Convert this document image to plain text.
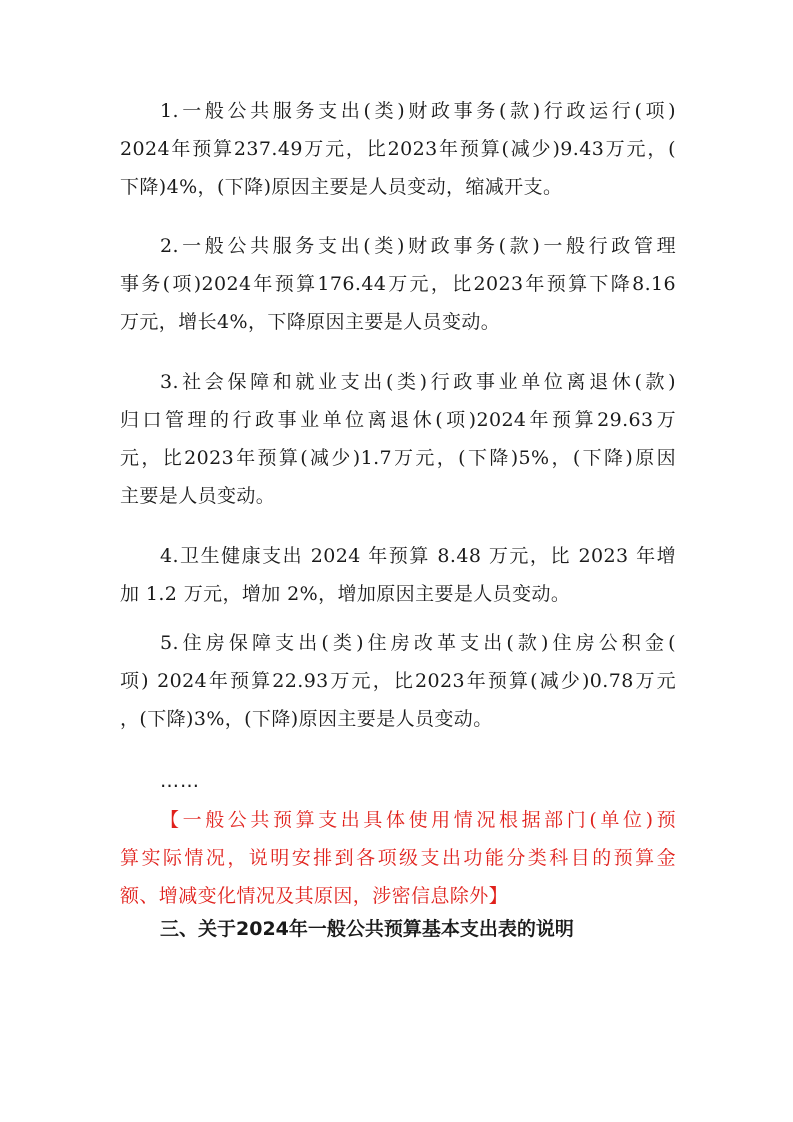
1.一般公共服务支出(类)财政事务(款)行政运行(项)
2024年预算237.49万元，比2023年预算(减少)9.43万元，(
下降)4%，(下降)原因主要是人员变动，缩减开支。
2.一般公共服务支出(类)财政事务(款)一般行政管理
事务(项)2024年预算176.44万元，比2023年预算下降8.16
万元，增长4%，下降原因主要是人员变动。
3.社会保障和就业支出(类)行政事业单位离退休(款)
归口管理的行政事业单位离退休(项)2024年预算29.63万
元，比2023年预算(减少)1.7万元，(下降)5%，(下降)原因
主要是人员变动。
4.卫生健康支出 2024 年预算 8.48 万元，比 2023 年增
加 1.2 万元，增加 2%，增加原因主要是人员变动。
5.住房保障支出(类)住房改革支出(款)住房公积金(
项) 2024年预算22.93万元，比2023年预算(减少)0.78万元
，(下降)3%，(下降)原因主要是人员变动。
……
【一般公共预算支出具体使用情况根据部门(单位)预
算实际情况，说明安排到各项级支出功能分类科目的预算金
额、增减变化情况及其原因，涉密信息除外】
三、关于2024年一般公共预算基本支出表的说明
